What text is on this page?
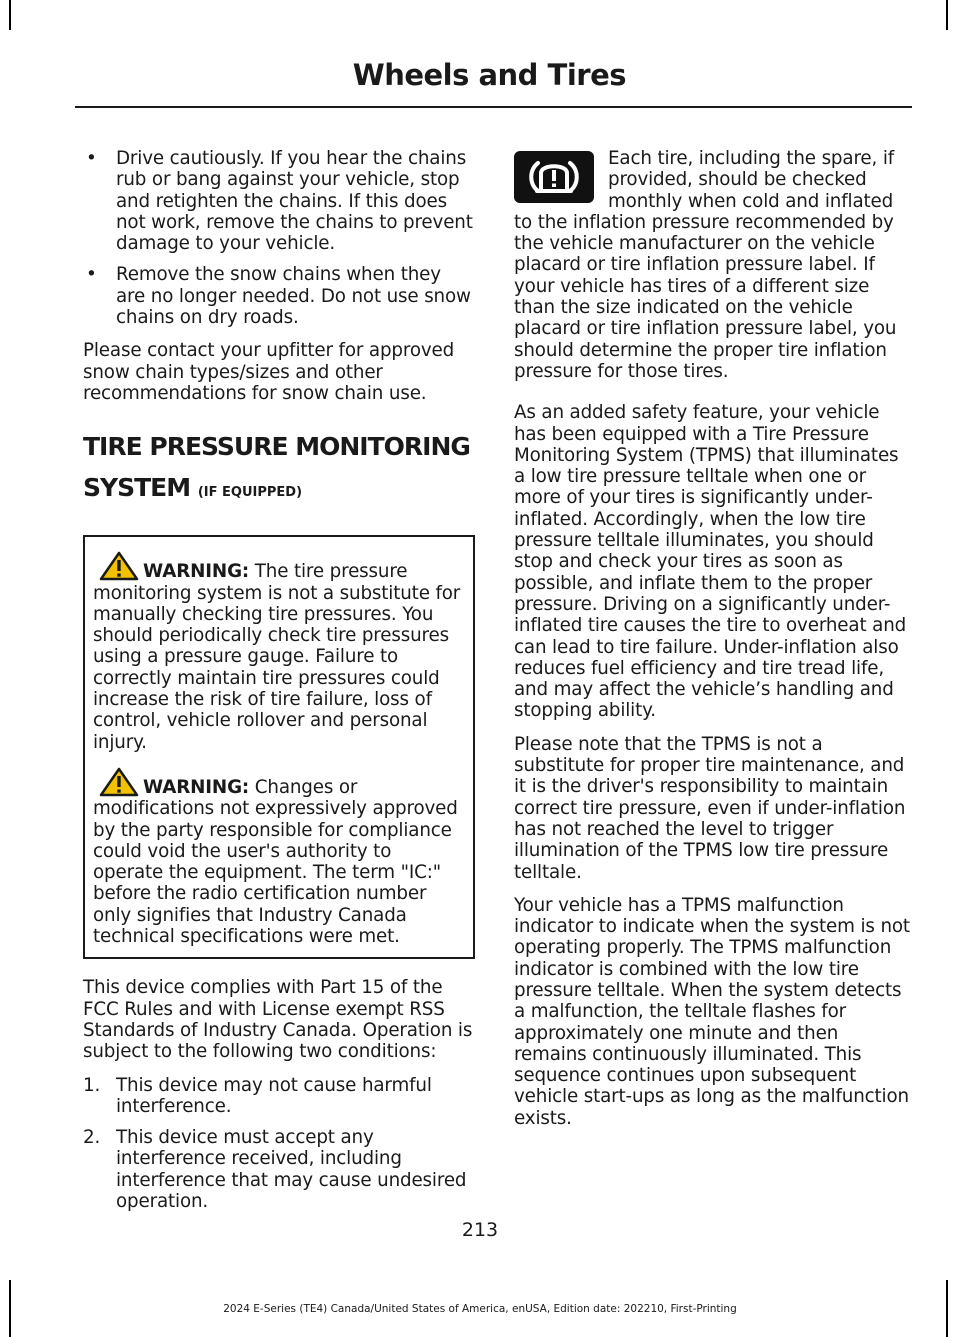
Wheels and Tires
• Drive cautiously. If you hear the chains rub or bang against your vehicle, stop and retighten the chains. If this does not work, remove the chains to prevent damage to your vehicle.
• Remove the snow chains when they are no longer needed. Do not use snow chains on dry roads.

Please contact your upfitter for approved snow chain types/sizes and other recommendations for snow chain use.

TIRE PRESSURE MONITORING SYSTEM (IF EQUIPPED)

WARNING: The tire pressure monitoring system is not a substitute for manually checking tire pressures. You should periodically check tire pressures using a pressure gauge. Failure to correctly maintain tire pressures could increase the risk of tire failure, loss of control, vehicle rollover and personal injury.

WARNING: Changes or modifications not expressively approved by the party responsible for compliance could void the user's authority to operate the equipment. The term "IC:" before the radio certification number only signifies that Industry Canada technical specifications were met.

This device complies with Part 15 of the FCC Rules and with License exempt RSS Standards of Industry Canada. Operation is subject to the following two conditions:

1. This device may not cause harmful interference.
2. This device must accept any interference received, including interference that may cause undesired operation.

Each tire, including the spare, if provided, should be checked monthly when cold and inflated to the inflation pressure recommended by the vehicle manufacturer on the vehicle placard or tire inflation pressure label. If your vehicle has tires of a different size than the size indicated on the vehicle placard or tire inflation pressure label, you should determine the proper tire inflation pressure for those tires.

As an added safety feature, your vehicle has been equipped with a Tire Pressure Monitoring System (TPMS) that illuminates a low tire pressure telltale when one or more of your tires is significantly under-inflated. Accordingly, when the low tire pressure telltale illuminates, you should stop and check your tires as soon as possible, and inflate them to the proper pressure. Driving on a significantly under-inflated tire causes the tire to overheat and can lead to tire failure. Under-inflation also reduces fuel efficiency and tire tread life, and may affect the vehicle’s handling and stopping ability.

Please note that the TPMS is not a substitute for proper tire maintenance, and it is the driver's responsibility to maintain correct tire pressure, even if under-inflation has not reached the level to trigger illumination of the TPMS low tire pressure telltale.

Your vehicle has a TPMS malfunction indicator to indicate when the system is not operating properly. The TPMS malfunction indicator is combined with the low tire pressure telltale. When the system detects a malfunction, the telltale flashes for approximately one minute and then remains continuously illuminated. This sequence continues upon subsequent vehicle start-ups as long as the malfunction exists.

213
2024 E-Series (TE4) Canada/United States of America, enUSA, Edition date: 202210, First-Printing
